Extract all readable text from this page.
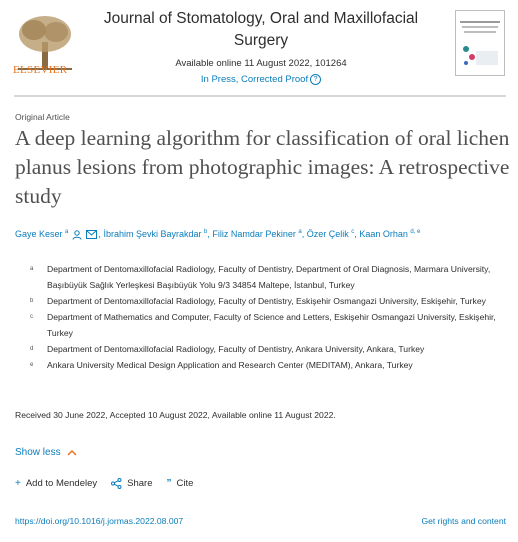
ELSEVIER
Journal of Stomatology, Oral and Maxillofacial Surgery
Available online 11 August 2022, 101264
In Press, Corrected Proof ?
Original Article
A deep learning algorithm for classification of oral lichen planus lesions from photographic images: A retrospective study
Gaye Keser $^a$	, İbrahim Şevki Bayrakdar $^b$, Filiz Namdar Pekiner $^a$, Özer Çelik $^c$, Kaan Orhan $^{d, e}$
a Department of Dentomaxillofacial Radiology, Faculty of Dentistry, Department of Oral Diagnosis, Marmara University, Başıbüyük Sağlık Yerleşkesi Başıbüyük Yolu 9/3 34854 Maltepe, İstanbul, Turkey
b Department of Dentomaxillofacial Radiology, Faculty of Dentistry, Eskişehir Osmangazi University, Eskişehir, Turkey
c Department of Mathematics and Computer, Faculty of Science and Letters, Eskişehir Osmangazi University, Eskişehir, Turkey
d Department of Dentomaxillofacial Radiology, Faculty of Dentistry, Ankara University, Ankara, Turkey
e Ankara University Medical Design Application and Research Center (MEDITAM), Ankara, Turkey
Received 30 June 2022, Accepted 10 August 2022, Available online 11 August 2022.
Show less
+ Add to Mendeley	Share ” Cite
https://doi.org/10.1016/j.jormas.2022.08.007	Get rights and content
